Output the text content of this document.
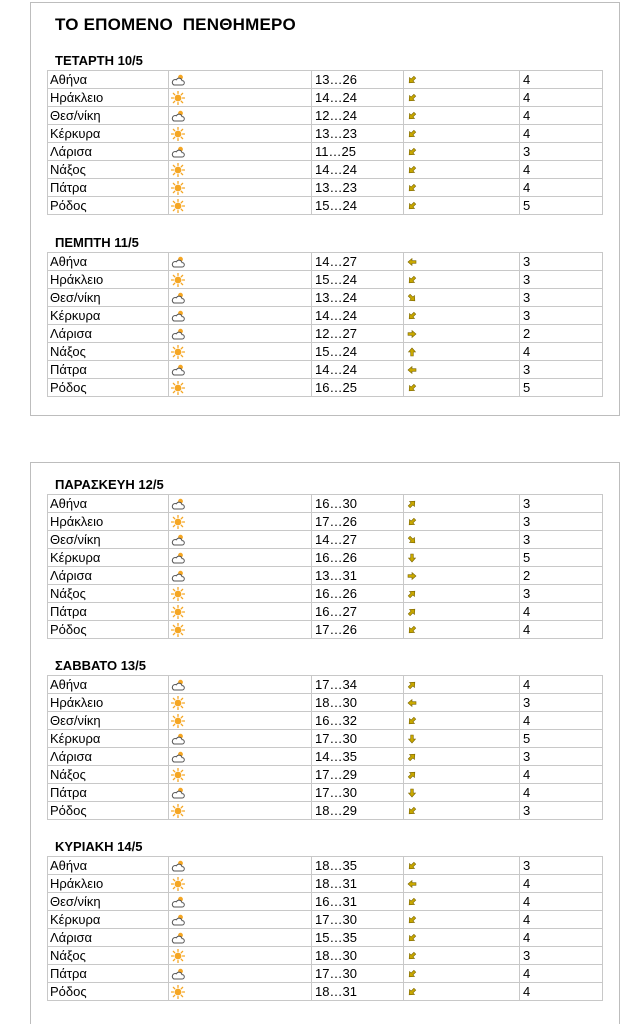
ΤΟ ΕΠΟΜΕΝΟ  ΠΕΝΘΗΜΕΡΟ
ΤΕΤΑΡΤΗ 10/5
Αθήνα		13…26		4
Ηράκλειο		14…24		4
Θεσ/νίκη		12…24		4
Κέρκυρα		13…23		4
Λάρισα		11…25		3
Νάξος		14…24		4
Πάτρα		13…23		4
Ρόδος		15…24		5
ΠΕΜΠΤΗ 11/5
Αθήνα		14…27		3
Ηράκλειο		15…24		3
Θεσ/νίκη		13…24		3
Κέρκυρα		14…24		3
Λάρισα		12…27		2
Νάξος		15…24		4
Πάτρα		14…24		3
Ρόδος		16…25		5
ΠΑΡΑΣΚΕΥΗ 12/5
Αθήνα		16…30		3
Ηράκλειο		17…26		3
Θεσ/νίκη		14…27		3
Κέρκυρα		16…26		5
Λάρισα		13…31		2
Νάξος		16…26		3
Πάτρα		16…27		4
Ρόδος		17…26		4
ΣΑΒΒΑΤΟ 13/5
Αθήνα		17…34		4
Ηράκλειο		18…30		3
Θεσ/νίκη		16…32		4
Κέρκυρα		17…30		5
Λάρισα		14…35		3
Νάξος		17…29		4
Πάτρα		17…30		4
Ρόδος		18…29		3
ΚΥΡΙΑΚΗ 14/5
Αθήνα		18…35		3
Ηράκλειο		18…31		4
Θεσ/νίκη		16…31		4
Κέρκυρα		17…30		4
Λάρισα		15…35		4
Νάξος		18…30		3
Πάτρα		17…30		4
Ρόδος		18…31		4
